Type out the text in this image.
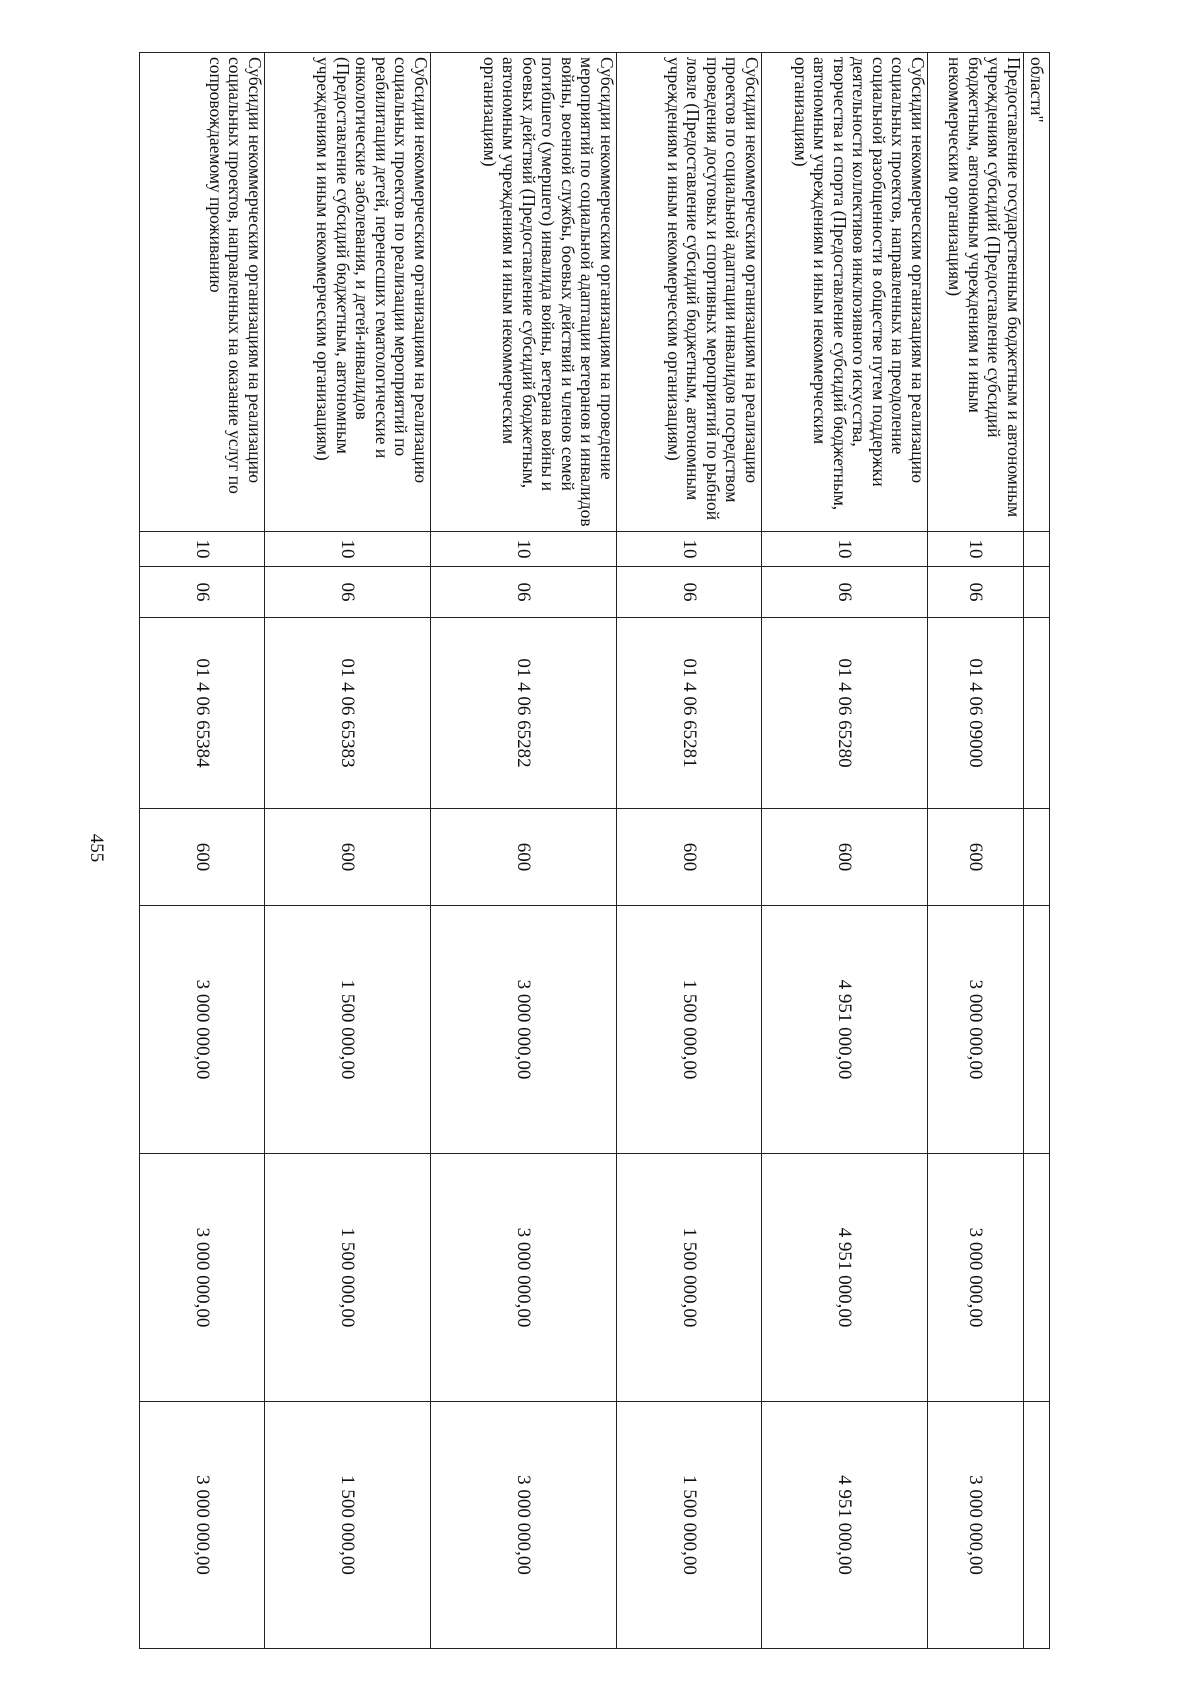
455
области"							

Предоставление государственным бюджетным и автономным учреждениям субсидий (Предоставление субсидий бюджетным, автономным учреждениям и иным некоммерческим организациям)	10	06	01 4 06 09000	600	3 000 000,00	3 000 000,00	3 000 000,00

Субсидии некоммерческим организациям на реализацию социальных проектов, направленных на преодоление социальной разобщенности в обществе путем поддержки деятельности коллективов инклюзивного искусства, творчества и спорта (Предоставление субсидий бюджетным, автономным учреждениям и иным некоммерческим организациям)	10	06	01 4 06 65280	600	4 951 000,00	4 951 000,00	4 951 000,00

Субсидии некоммерческим организациям на реализацию проектов по социальной адаптации инвалидов посредством проведения досуговых и спортивных мероприятий по рыбной ловле (Предоставление субсидий бюджетным, автономным учреждениям и иным некоммерческим организациям)	10	06	01 4 06 65281	600	1 500 000,00	1 500 000,00	1 500 000,00

Субсидии некоммерческим организациям на проведение мероприятий по социальной адаптации ветеранов и инвалидов войны, военной службы, боевых действий и членов семей погибшего (умершего) инвалида войны, ветерана войны и боевых действий (Предоставление субсидий бюджетным, автономным учреждениям и иным некоммерческим организациям)	10	06	01 4 06 65282	600	3 000 000,00	3 000 000,00	3 000 000,00

Субсидии некоммерческим организациям на реализацию социальных проектов по реализации мероприятий по реабилитации детей, перенесших гематологические и онкологические заболевания, и детей-инвалидов (Предоставление субсидий бюджетным, автономным учреждениям и иным некоммерческим организациям)	10	06	01 4 06 65383	600	1 500 000,00	1 500 000,00	1 500 000,00

Субсидии некоммерческим организациям на реализацию социальных проектов, направленных на оказание услуг по сопровождаемому проживанию	10	06	01 4 06 65384	600	3 000 000,00	3 000 000,00	3 000 000,00
